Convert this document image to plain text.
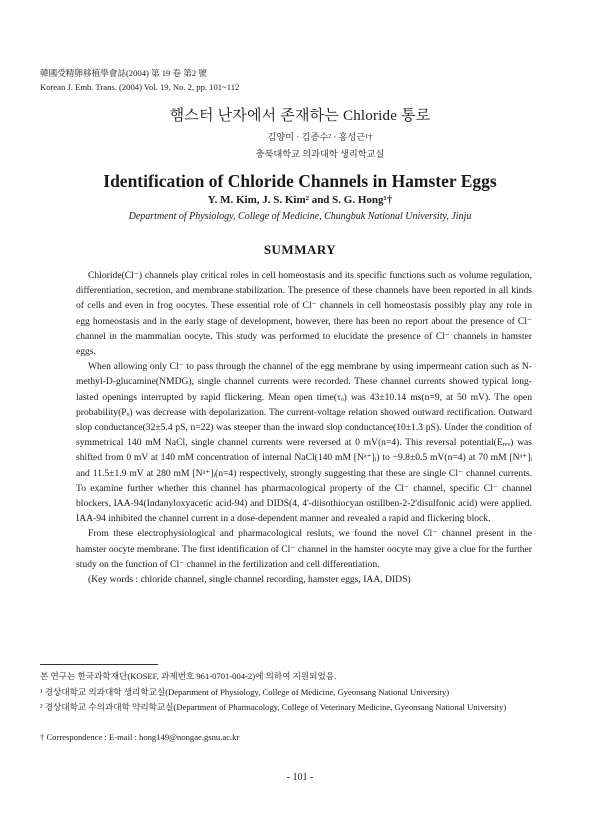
韓國受精卵移植學會誌(2004) 第 19 卷 第2 號
Korean J. Emb. Trans. (2004) Vol. 19, No. 2, pp. 101~112
햄스터 난자에서 존재하는 Chloride 통로
김양미 · 김종수² · 홍성근¹†
충북대학교 의과대학 생리학교실
Identification of Chloride Channels in Hamster Eggs
Y. M. Kim, J. S. Kim² and S. G. Hong¹†
Department of Physiology, College of Medicine, Chungbuk National University, Jinju
SUMMARY

Chloride(Cl⁻) channels play critical roles in cell homeostasis and its specific functions such as volume regulation, differentiation, secretion, and membrane stabilization. The presence of these channels have been reported in all kinds of cells and even in frog oocytes. These essential role of Cl⁻ channels in cell homeostasis possibly play any role in egg homeostasis and in the early stage of development, however, there has been no report about the presence of Cl⁻ channel in the mammalian oocyte. This study was performed to elucidate the presence of Cl⁻ channels in hamster eggs.

When allowing only Cl⁻ to pass through the channel of the egg membrane by using impermeant cation such as N-methyl-D-glucamine(NMDG), single channel currents were recorded. These channel currents showed typical long-lasted openings interrupted by rapid flickering. Mean open time(τₒ) was 43±10.14 ms(n=9, at 50 mV). The open probability(Pₒ) was decrease with depolarization. The current-voltage relation showed outward rectification. Outward slop conductance(32±5.4 pS, n=22) was steeper than the inward slop conductance(10±1.3 pS). Under the condition of symmetrical 140 mM NaCl, single channel currents were reversed at 0 mV(n=4). This reversal potential(Eᵣₑᵥ) was shifted from 0 mV at 140 mM concentration of internal NaCl(140 mM [Nᵃ⁺]ᵢ) to −9.8±0.5 mV(n=4) at 70 mM [Nᵃ⁺]ᵢ and 11.5±1.9 mV at 280 mM [Nᵃ⁺]ᵢ(n=4) respectively, strongly suggesting that these are single Cl⁻ channel currents. To examine further whether this channel has pharmacological property of the Cl⁻ channel, specific Cl⁻ channel blockers, IAA-94(Indanyloxyacetic acid-94) and DIDS(4, 4'-diisothiocyan ostillben-2-2'disulfonic acid) were applied. IAA-94 inhibited the channel current in a dose-dependent manner and revealed a rapid and flickering block.

From these electrophysiological and pharmacological resluts, we found the novel Cl⁻ channel present in the hamster oocyte membrane. The first identification of Cl⁻ channel in the hamster oocyte may give a clue for the further study on the function of Cl⁻ channel in the fertilization and cell differentiation.

(Key words : chloride channel, single channel recording, hamster eggs, IAA, DIDS)

본 연구는 한국과학재단(KOSEF, 과제번호 961-0701-004-2)에 의하여 지원되었음.
¹ 경상대학교 의과대학 생리학교실(Department of Physiology, College of Medicine, Gyeonsang National University)
² 경상대학교 수의과대학 약리학교실(Department of Pharmacology, College of Veterinary Medicine, Gyeonsang National University)
† Correspondence : E-mail : hong149@nongae.gsnu.ac.kr
- 101 -
